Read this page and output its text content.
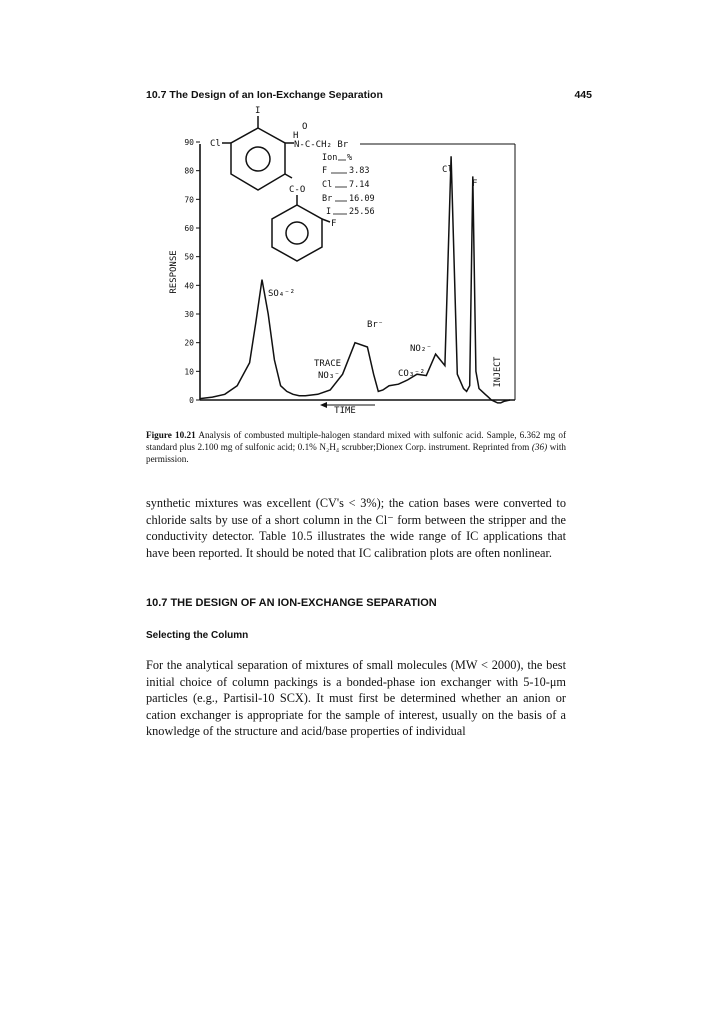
10.7 The Design of an Ion-Exchange Separation	445
0
10
20
30
40
50
60
70
80
90
RESPONSE
TIME
SO₄⁻²
TRACE
NO₃⁻
Br⁻
CO₃⁻²
NO₂⁻
Cl
F
INJECT
Ion %
F	3.83
Cl 7.14
Br 16.09
I 25.56
I
O
H
N-C-CH₂ Br
Cl
C-O
F
Figure 10.21 Analysis of combusted multiple-halogen standard mixed with sulfonic acid. Sample, 6.362 mg of standard plus 2.100 mg of sulfonic acid; 0.1% N₂H₄ scrubber;Dionex Corp. instrument. Reprinted from (36) with permission.

synthetic mixtures was excellent (CV's < 3%); the cation bases were converted to chloride salts by use of a short column in the Cl⁻ form between the stripper and the conductivity detector. Table 10.5 illustrates the wide range of IC applications that have been reported. It should be noted that IC calibration plots are often nonlinear.

10.7 THE DESIGN OF AN ION-EXCHANGE SEPARATION
Selecting the Column

For the analytical separation of mixtures of small molecules (MW < 2000), the best initial choice of column packings is a bonded-phase ion exchanger with 5-10-μm particles (e.g., Partisil-10 SCX). It must first be determined whether an anion or cation exchanger is appropriate for the sample of interest, usually on the basis of a knowledge of the structure and acid/base properties of individual
